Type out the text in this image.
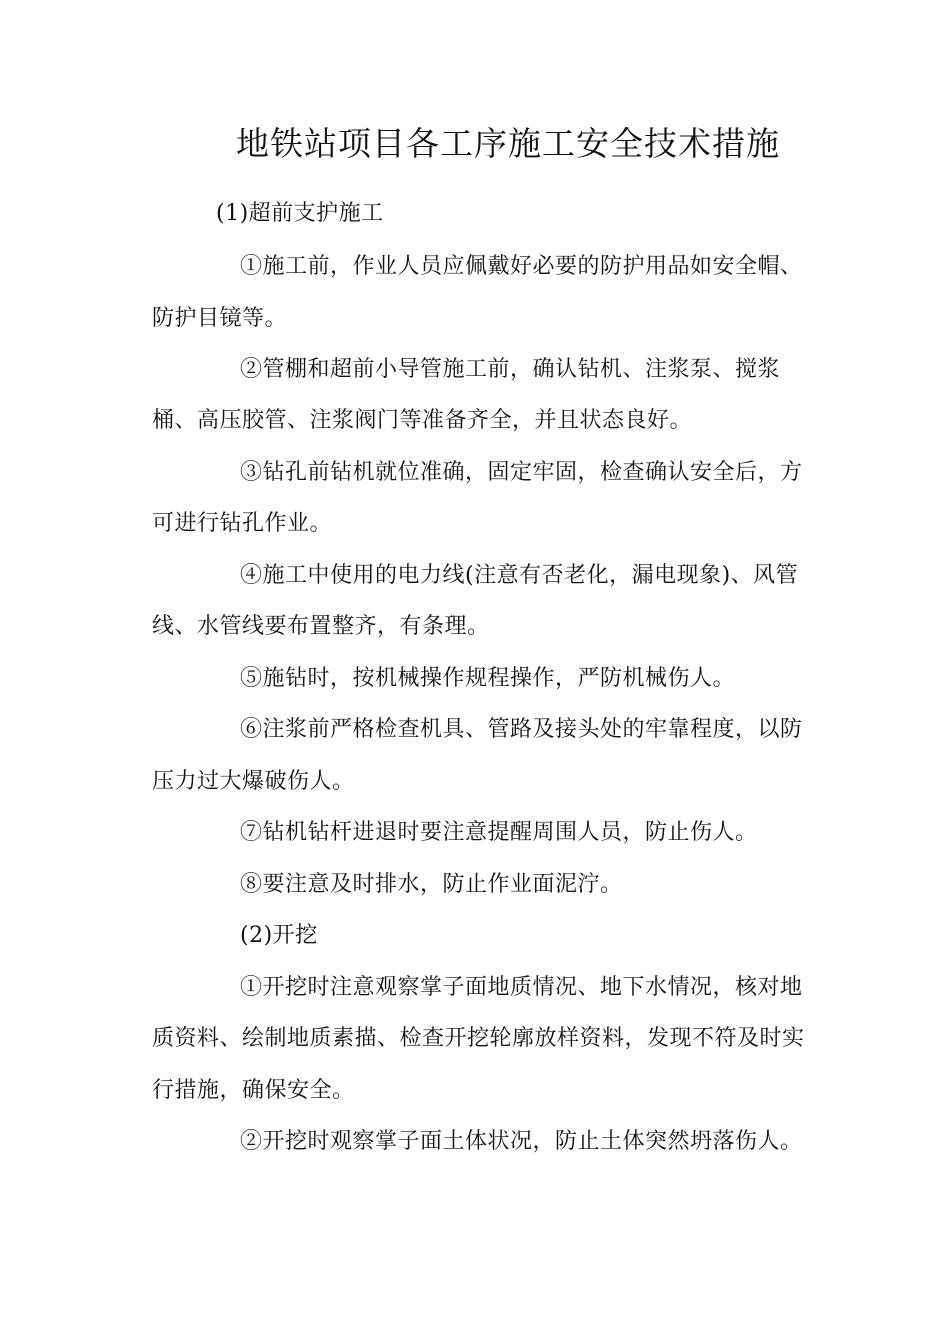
地铁站项目各工序施工安全技术措施
(1)超前支护施工
①施工前，作业人员应佩戴好必要的防护用品如安全帽、
防护目镜等。
②管棚和超前小导管施工前，确认钻机、注浆泵、搅浆
桶、高压胶管、注浆阀门等准备齐全，并且状态良好。
③钻孔前钻机就位准确，固定牢固，检查确认安全后，方
可进行钻孔作业。
④施工中使用的电力线(注意有否老化，漏电现象)、风管
线、水管线要布置整齐，有条理。
⑤施钻时，按机械操作规程操作，严防机械伤人。
⑥注浆前严格检查机具、管路及接头处的牢靠程度，以防
压力过大爆破伤人。
⑦钻机钻杆进退时要注意提醒周围人员，防止伤人。
⑧要注意及时排水，防止作业面泥泞。
(2)开挖
①开挖时注意观察掌子面地质情况、地下水情况，核对地
质资料、绘制地质素描、检查开挖轮廓放样资料，发现不符及时实
行措施，确保安全。
②开挖时观察掌子面土体状况，防止土体突然坍落伤人。
